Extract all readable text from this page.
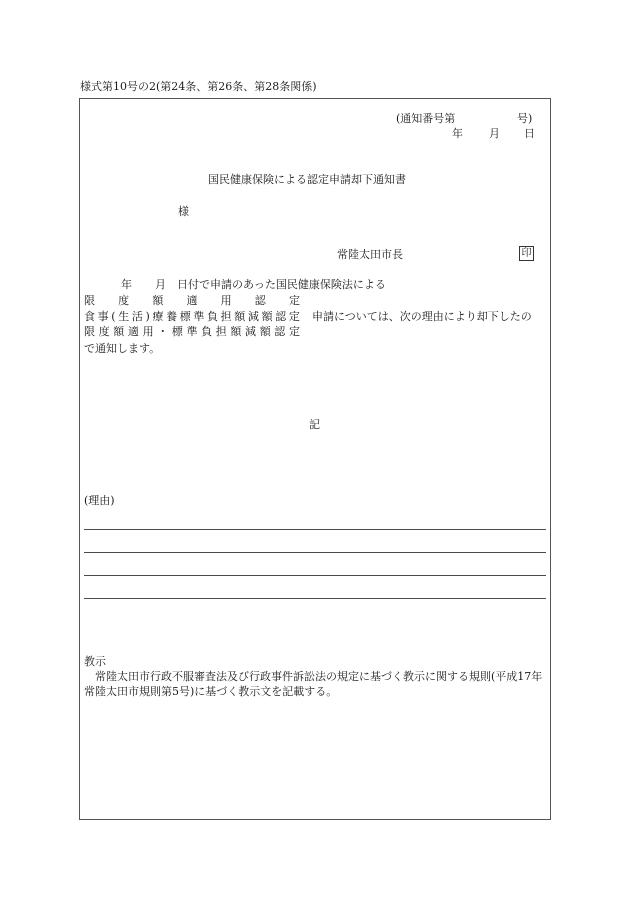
様式第10号の2(第24条、第26条、第28条関係)
(通知番号第	号)
年 月 日
国民健康保険による認定申請却下通知書
様
常陸太田市長	印
年 月 日付で申請のあった国民健康保険法による
限 度 額 適 用 認 定
食 事 ( 生 活 ) 療 養 標 準 負 担 額 減 額 認 定
限 度 額 適 用 ・ 標 準 負 担 額 減 額 認 定
申請については、次の理由により却下したの
で通知します。
記
(理由)
教示
常陸太田市行政不服審査法及び行政事件訴訟法の規定に基づく教示に関する規則(平成17年常陸太田市規則第5号)に基づく教示文を記載する。
